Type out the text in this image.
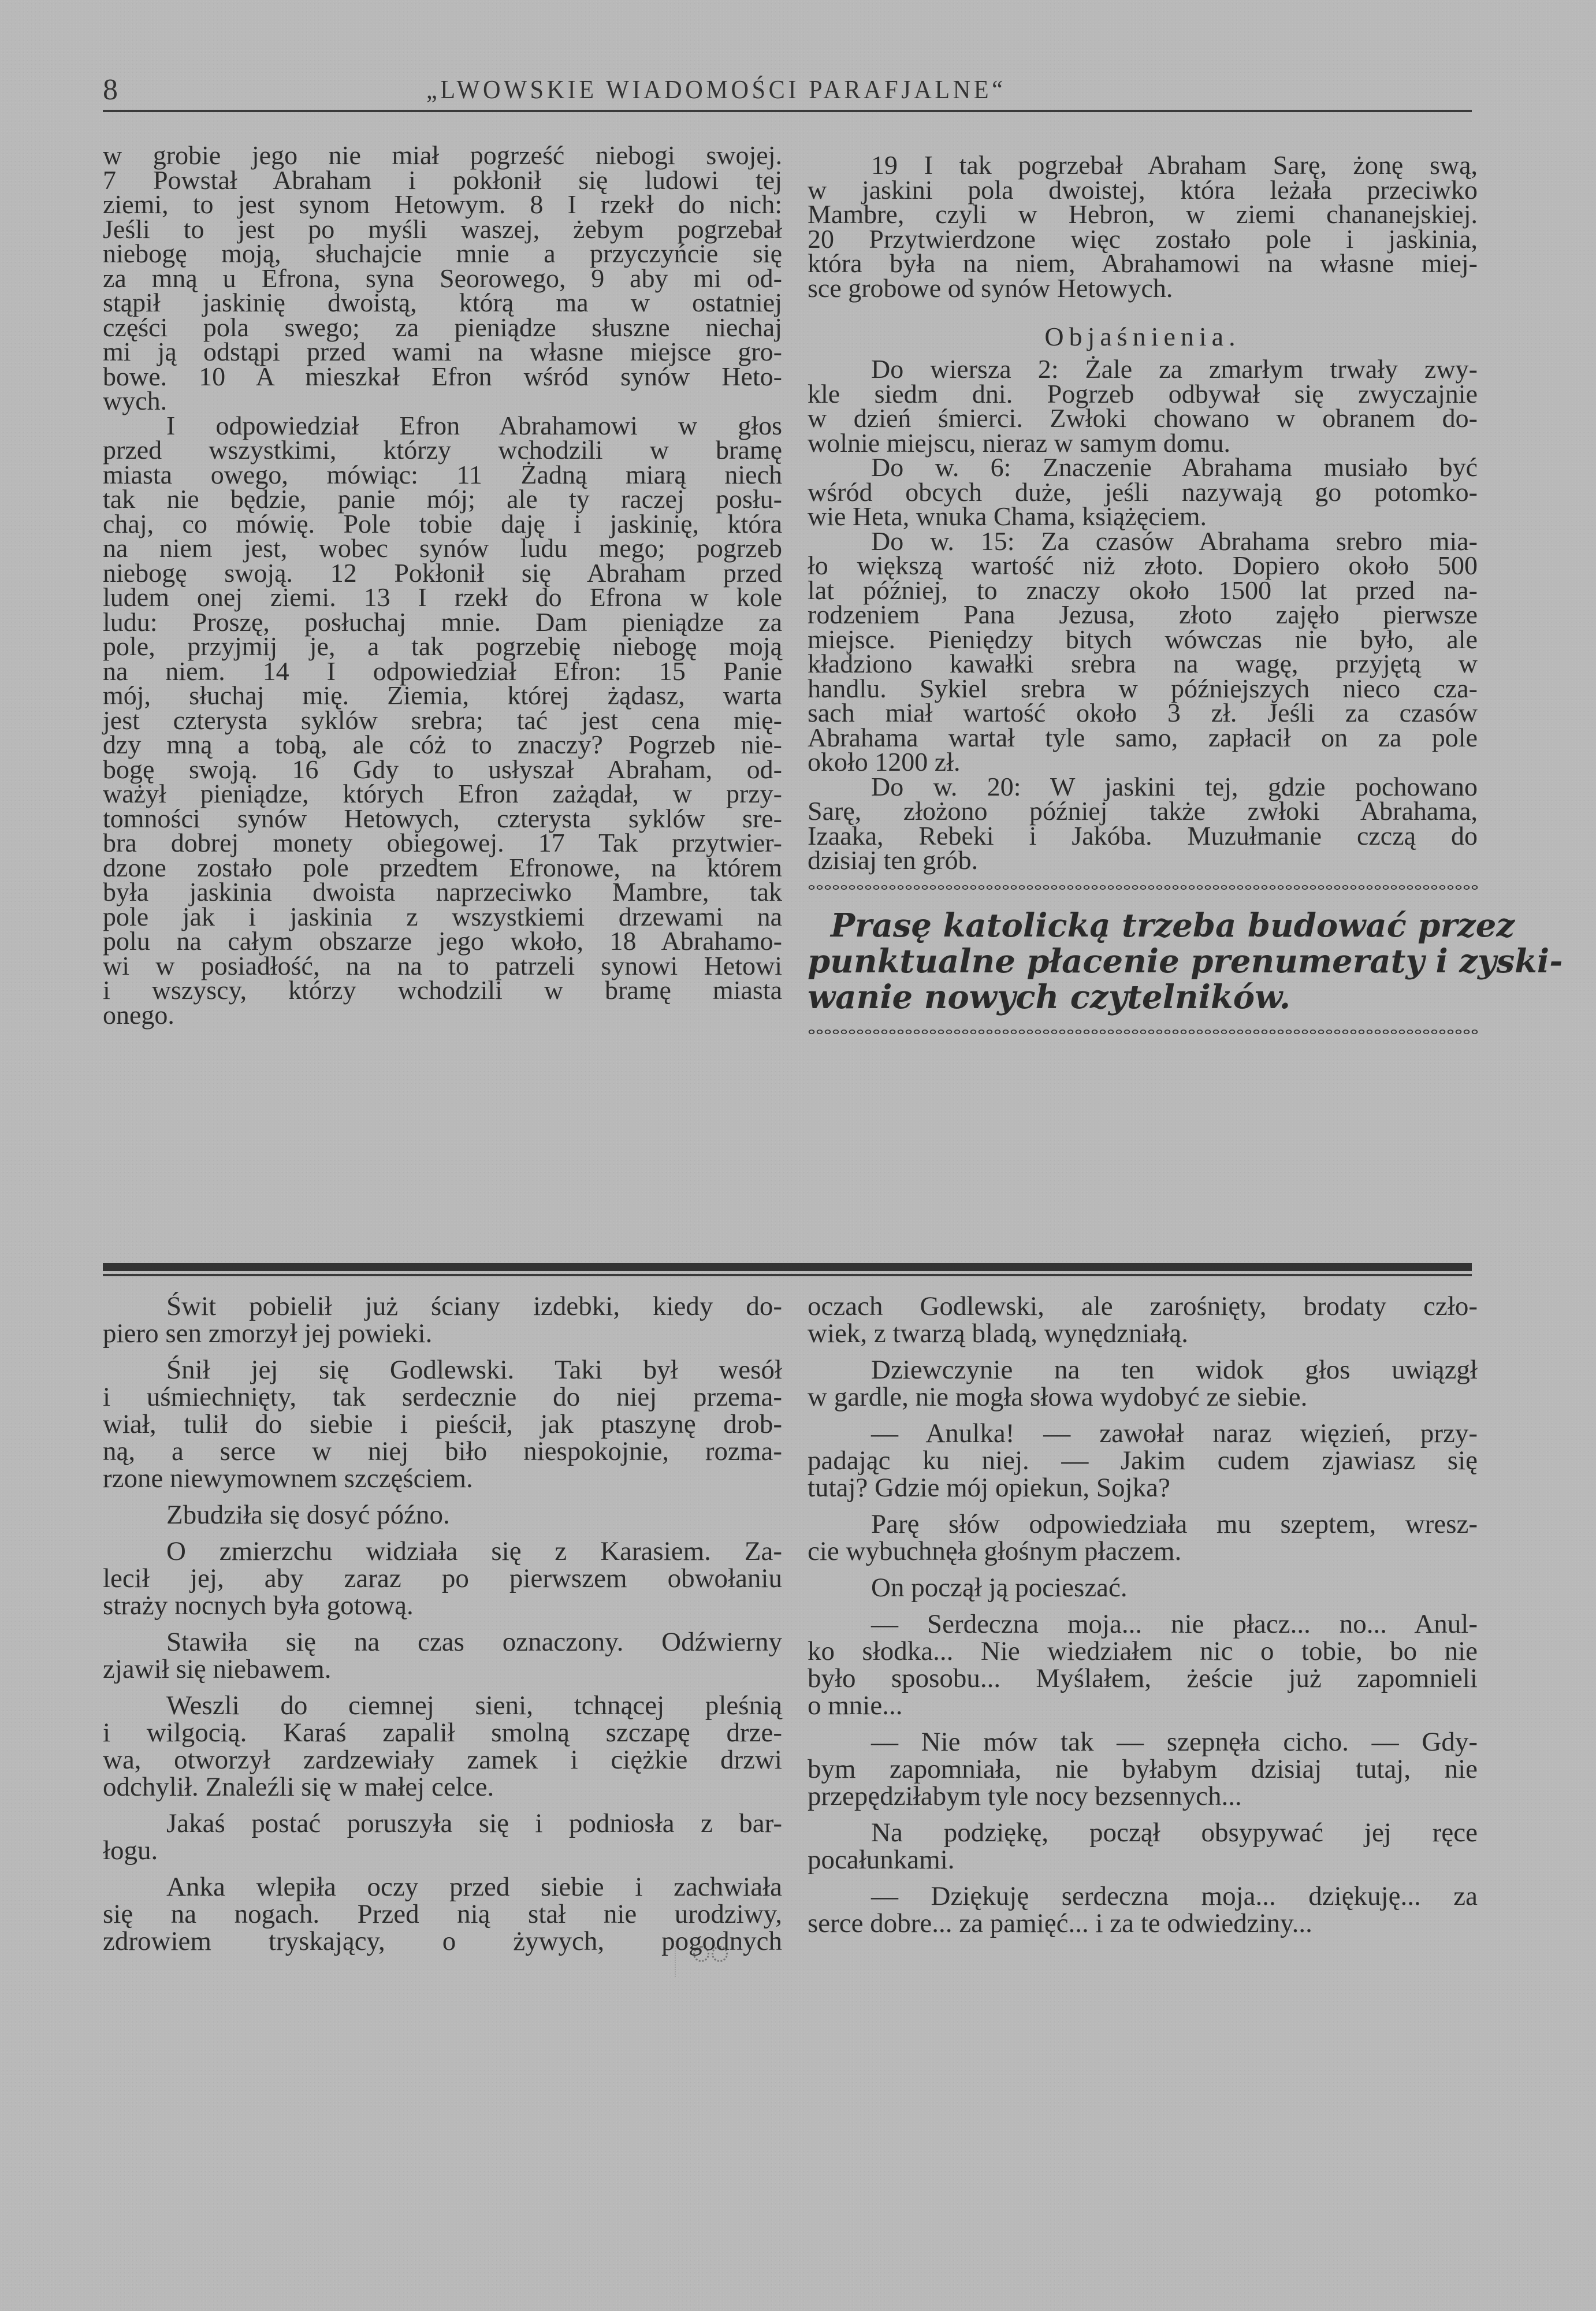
8	„LWOWSKIE WIADOMOŚCI PARAFJALNE“
w grobie jego nie miał pogrześć niebogi swojej.
7 Powstał Abraham i pokłonił się ludowi tej
ziemi, to jest synom Hetowym. 8 I rzekł do nich:
Jeśli to jest po myśli waszej, żebym pogrzebał
niebogę moją, słuchajcie mnie a przyczyńcie się
za mną u Efrona, syna Seorowego, 9 aby mi od-
stąpił jaskinię dwoistą, którą ma w ostatniej
części pola swego; za pieniądze słuszne niechaj
mi ją odstąpi przed wami na własne miejsce gro-
bowe. 10 A mieszkał Efron wśród synów Heto-
wych.
I odpowiedział Efron Abrahamowi w głos
przed wszystkimi, którzy wchodzili w bramę
miasta owego, mówiąc: 11 Żadną miarą niech
tak nie będzie, panie mój; ale ty raczej posłu-
chaj, co mówię. Pole tobie daję i jaskinię, która
na niem jest, wobec synów ludu mego; pogrzeb
niebogę swoją. 12 Pokłonił się Abraham przed
ludem onej ziemi. 13 I rzekł do Efrona w kole
ludu: Proszę, posłuchaj mnie. Dam pieniądze za
pole, przyjmij je, a tak pogrzebię niebogę moją
na niem. 14 I odpowiedział Efron: 15 Panie
mój, słuchaj mię. Ziemia, której żądasz, warta
jest czterysta syklów srebra; tać jest cena mię-
dzy mną a tobą, ale cóż to znaczy? Pogrzeb nie-
bogę swoją. 16 Gdy to usłyszał Abraham, od-
ważył pieniądze, których Efron zażądał, w przy-
tomności synów Hetowych, czterysta syklów sre-
bra dobrej monety obiegowej. 17 Tak przytwier-
dzone zostało pole przedtem Efronowe, na którem
była jaskinia dwoista naprzeciwko Mambre, tak
pole jak i jaskinia z wszystkiemi drzewami na
polu na całym obszarze jego wkoło, 18 Abrahamo-
wi w posiadłość, na na to patrzeli synowi Hetowi
i wszyscy, którzy wchodzili w bramę miasta
onego.
19 I tak pogrzebał Abraham Sarę, żonę swą,
w jaskini pola dwoistej, która leżała przeciwko
Mambre, czyli w Hebron, w ziemi chananejskiej.
20 Przytwierdzone więc zostało pole i jaskinia,
która była na niem, Abrahamowi na własne miej-
sce grobowe od synów Hetowych.
Objaśnienia.
Do wiersza 2: Żale za zmarłym trwały zwy-
kle siedm dni. Pogrzeb odbywał się zwyczajnie
w dzień śmierci. Zwłoki chowano w obranem do-
wolnie miejscu, nieraz w samym domu.
Do w. 6: Znaczenie Abrahama musiało być
wśród obcych duże, jeśli nazywają go potomko-
wie Heta, wnuka Chama, książęciem.
Do w. 15: Za czasów Abrahama srebro mia-
ło większą wartość niż złoto. Dopiero około 500
lat później, to znaczy około 1500 lat przed na-
rodzeniem Pana Jezusa, złoto zajęło pierwsze
miejsce. Pieniędzy bitych wówczas nie było, ale
kładziono kawałki srebra na wagę, przyjętą w
handlu. Sykiel srebra w późniejszych nieco cza-
sach miał wartość około 3 zł. Jeśli za czasów
Abrahama wartał tyle samo, zapłacił on za pole
około 1200 zł.
Do w. 20: W jaskini tej, gdzie pochowano
Sarę, złożono później także zwłoki Abrahama,
Izaaka, Rebeki i Jakóba. Muzułmanie czczą do
dzisiaj ten grób.
Prasę katolicką trzeba budować przez
punktualne płacenie prenumeraty i zyski-
wanie nowych czytelników.
Świt pobielił już ściany izdebki, kiedy do-
piero sen zmorzył jej powieki.
Śnił jej się Godlewski. Taki był wesół
i uśmiechnięty, tak serdecznie do niej przema-
wiał, tulił do siebie i pieścił, jak ptaszynę drob-
ną, a serce w niej biło niespokojnie, rozma-
rzone niewymownem szczęściem.
Zbudziła się dosyć późno.
O zmierzchu widziała się z Karasiem. Za-
lecił jej, aby zaraz po pierwszem obwołaniu
straży nocnych była gotową.
Stawiła się na czas oznaczony. Odźwierny
zjawił się niebawem.
Weszli do ciemnej sieni, tchnącej pleśnią
i wilgocią. Karaś zapalił smolną szczapę drze-
wa, otworzył zardzewiały zamek i ciężkie drzwi
odchylił. Znaleźli się w małej celce.
Jakaś postać poruszyła się i podniosła z bar-
łogu.
Anka wlepiła oczy przed siebie i zachwiała
się na nogach. Przed nią stał nie urodziwy,
zdrowiem tryskający, o żywych, pogodnych
oczach Godlewski, ale zarośnięty, brodaty czło-
wiek, z twarzą bladą, wynędzniałą.
Dziewczynie na ten widok głos uwiązgł
w gardle, nie mogła słowa wydobyć ze siebie.
— Anulka! — zawołał naraz więzień, przy-
padając ku niej. — Jakim cudem zjawiasz się
tutaj? Gdzie mój opiekun, Sojka?
Parę słów odpowiedziała mu szeptem, wresz-
cie wybuchnęła głośnym płaczem.
On począł ją pocieszać.
— Serdeczna moja... nie płacz... no... Anul-
ko słodka... Nie wiedziałem nic o tobie, bo nie
było sposobu... Myślałem, żeście już zapomnieli
o mnie...
— Nie mów tak — szepnęła cicho. — Gdy-
bym zapomniała, nie byłabym dzisiaj tutaj, nie
przepędziłabym tyle nocy bezsennych...
Na podziękę, począł obsypywać jej ręce
pocałunkami.
— Dziękuję serdeczna moja... dziękuję... za
serce dobre... za pamięć... i za te odwiedziny...
